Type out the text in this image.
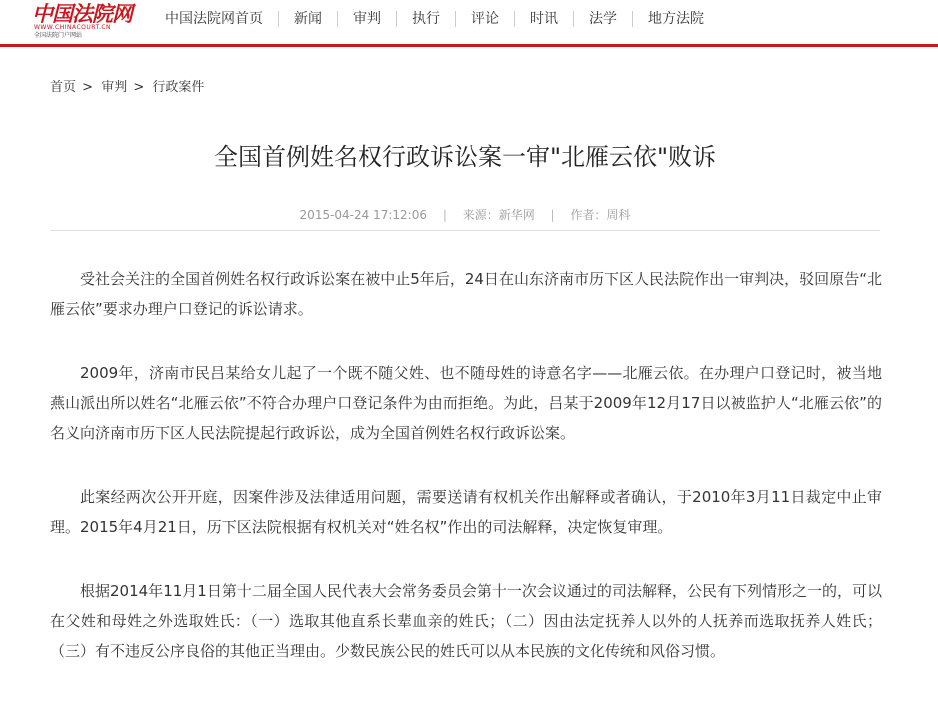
中国法院网
WWW.CHINACOURT.CN
全国法院门户网站
中国法院网首页	新闻	审判	执行	评论	时讯	法学	地方法院
首页 > 审判 > 行政案件
全国首例姓名权行政诉讼案一审"北雁云依"败诉
2015-04-24 17:12:06 | 来源：新华网 | 作者：周科

受社会关注的全国首例姓名权行政诉讼案在被中止5年后，24日在山东济南市历下区人民法院作出一审判决，驳回原告“北雁云依”要求办理户口登记的诉讼请求。

2009年，济南市民吕某给女儿起了一个既不随父姓、也不随母姓的诗意名字——北雁云依。在办理户口登记时，被当地燕山派出所以姓名“北雁云依”不符合办理户口登记条件为由而拒绝。为此，吕某于2009年12月17日以被监护人“北雁云依”的名义向济南市历下区人民法院提起行政诉讼，成为全国首例姓名权行政诉讼案。

此案经两次公开开庭，因案件涉及法律适用问题，需要送请有权机关作出解释或者确认，于2010年3月11日裁定中止审理。2015年4月21日，历下区法院根据有权机关对“姓名权”作出的司法解释，决定恢复审理。

根据2014年11月1日第十二届全国人民代表大会常务委员会第十一次会议通过的司法解释，公民有下列情形之一的，可以在父姓和母姓之外选取姓氏：（一）选取其他直系长辈血亲的姓氏；（二）因由法定抚养人以外的人抚养而选取抚养人姓氏；（三）有不违反公序良俗的其他正当理由。少数民族公民的姓氏可以从本民族的文化传统和风俗习惯。
